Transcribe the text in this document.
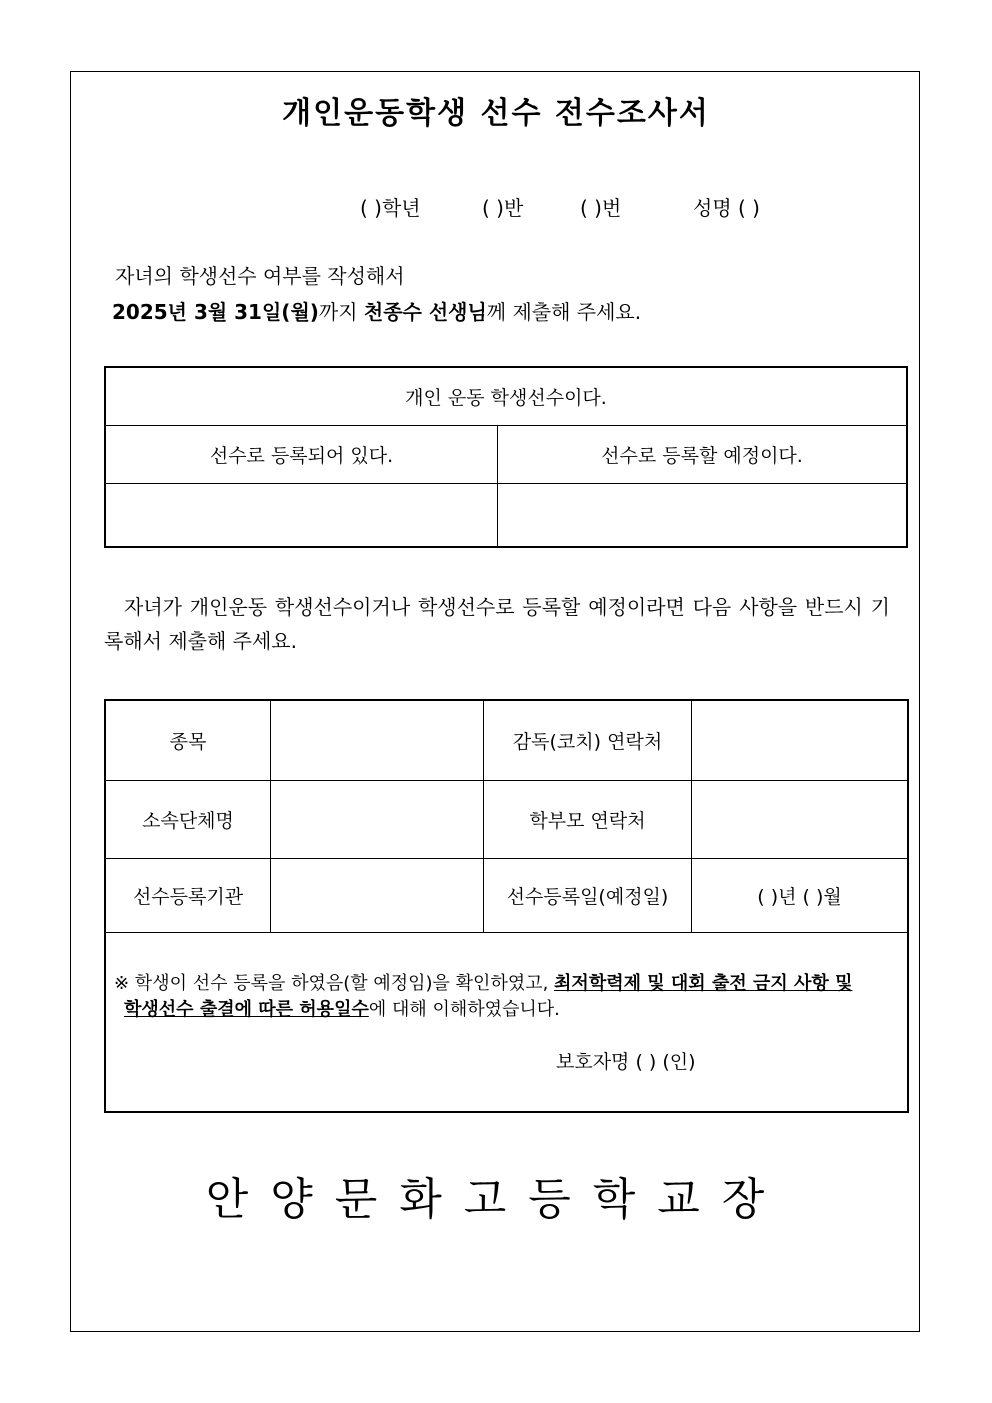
개인운동학생 선수 전수조사서
( )학년	( )반	( )번	성명 ( )
자녀의 학생선수 여부를 작성해서
2025년 3월 31일(월)까지 천종수 선생님께 제출해 주세요.
개인 운동 학생선수이다.	
선수로 등록되어 있다.	선수로 등록할 예정이다.

자녀가 개인운동 학생선수이거나 학생선수로 등록할 예정이라면 다음 사항을 반드시 기록해서 제출해 주세요.
종목		감독(코치) 연락처	
소속단체명		학부모 연락처	
선수등록기관		선수등록일(예정일)	( )년 ( )월

※ 학생이 선수 등록을 하였음(할 예정임)을 확인하였고, 최저학력제 및 대회 출전 금지 사항 및
학생선수 출결에 따른 허용일수에 대해 이해하였습니다.
보호자명 ( ) (인)			
안양문화고등학교장
